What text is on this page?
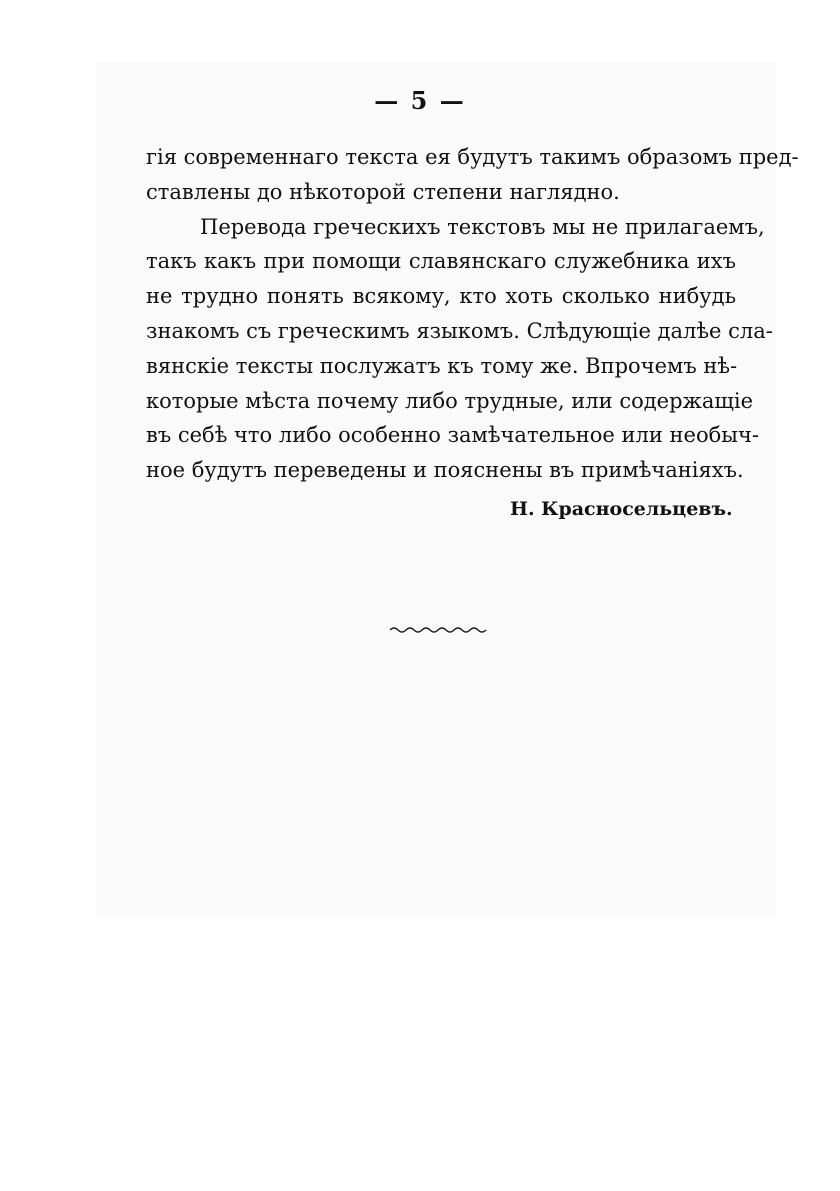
— 5 —
гія современнаго текста ея будутъ такимъ образомъ пред-
ставлены до нѣкоторой степени наглядно.
Перевода греческихъ текстовъ мы не прилагаемъ,
такъ какъ при помощи славянскаго служебника ихъ
не трудно понять всякому, кто хоть сколько нибудь
знакомъ съ греческимъ языкомъ. Слѣдующіе далѣе сла-
вянскіе тексты послужатъ къ тому же. Впрочемъ нѣ-
которые мѣста почему либо трудные, или содержащіе
въ себѣ что либо особенно замѣчательное или необыч-
ное будутъ переведены и пояснены въ примѣчаніяхъ.
Н. Красносельцевъ.
